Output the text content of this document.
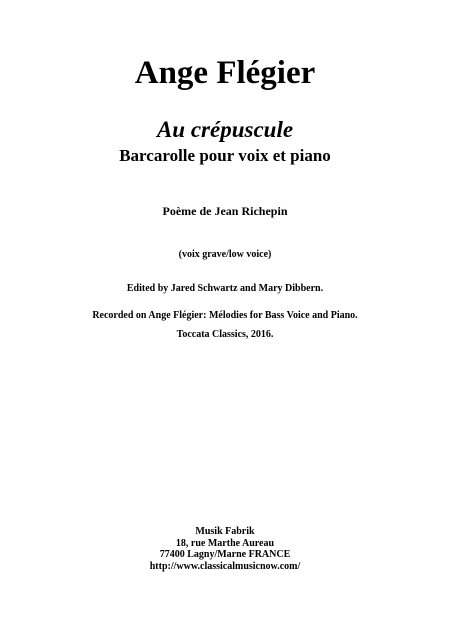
Ange Flégier
Au crépuscule
Barcarolle pour voix et piano
Poème de Jean Richepin
(voix grave/low voice)
Edited by Jared Schwartz and Mary Dibbern.
Recorded on Ange Flégier: Mélodies for Bass Voice and Piano.
Toccata Classics, 2016.
Musik Fabrik
18, rue Marthe Aureau
77400 Lagny/Marne FRANCE
http://www.classicalmusicnow.com/
